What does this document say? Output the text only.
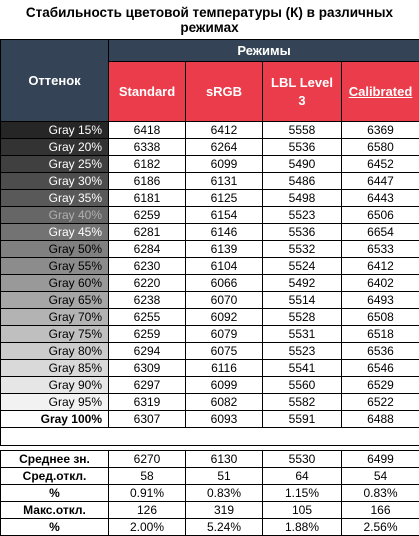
Стабильность цветовой температуры (К) в различных режимах
Оттенок	Режимы			
	Standard	sRGB	LBL Level 3	Calibrated
Gray 15%	6418	6412	5558	6369
Gray 20%	6338	6264	5536	6580
Gray 25%	6182	6099	5490	6452
Gray 30%	6186	6131	5486	6447
Gray 35%	6181	6125	5498	6443
Gray 40%	6259	6154	5523	6506
Gray 45%	6281	6146	5536	6654
Gray 50%	6284	6139	5532	6533
Gray 55%	6230	6104	5524	6412
Gray 60%	6220	6066	5492	6402
Gray 65%	6238	6070	5514	6493
Gray 70%	6255	6092	5528	6508
Gray 75%	6259	6079	5531	6518
Gray 80%	6294	6075	5523	6536
Gray 85%	6309	6116	5541	6546
Gray 90%	6297	6099	5560	6529
Gray 95%	6319	6082	5582	6522
Gray 100%	6307	6093	5591	6488

Среднее зн.	6270	6130	5530	6499
Сред.откл.	58	51	64	54
%	0.91%	0.83%	1.15%	0.83%
Макс.откл.	126	319	105	166
%	2.00%	5.24%	1.88%	2.56%
